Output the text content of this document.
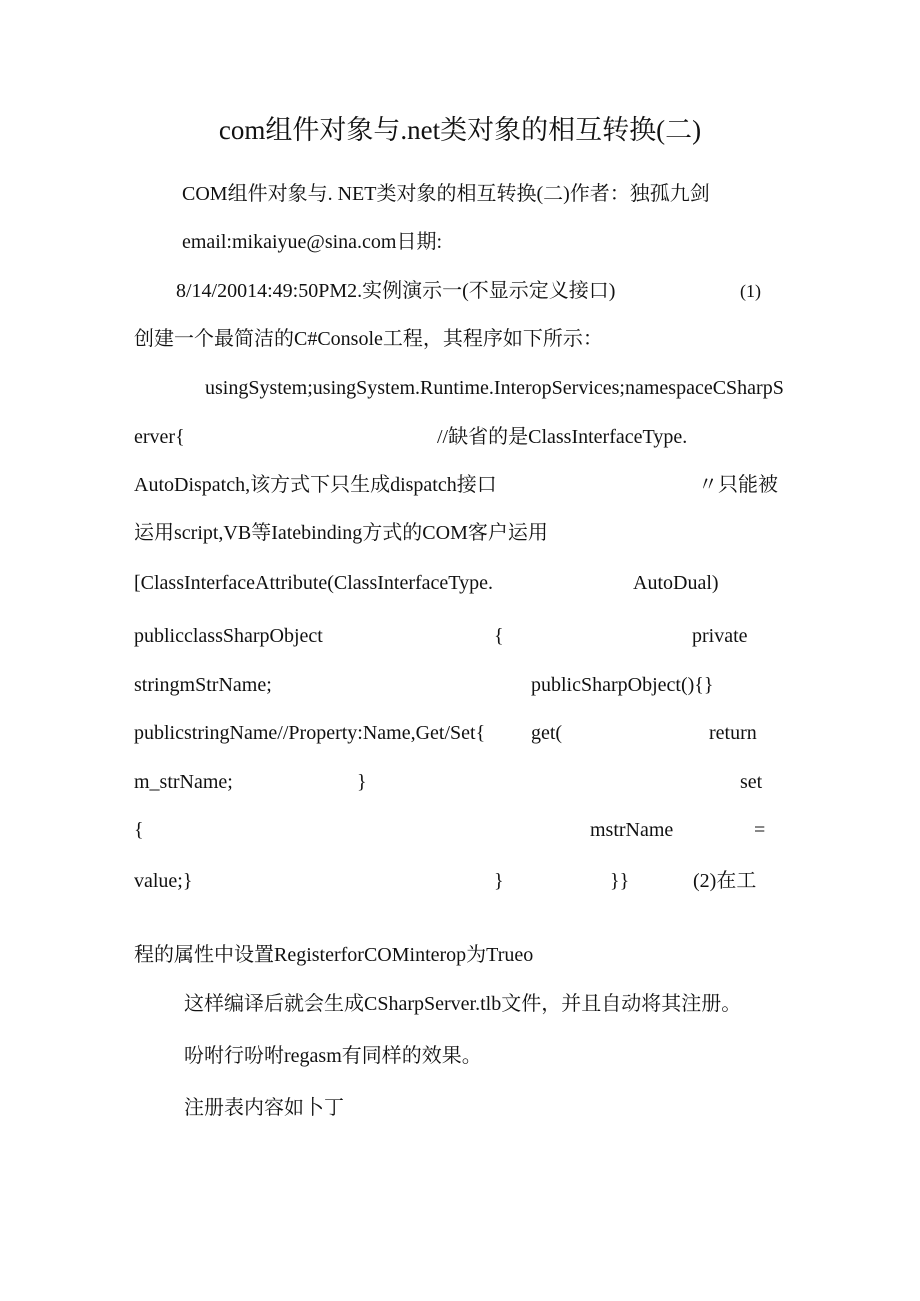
com组件对象与.net类对象的相互转换(二)
COM组件对象与. NET类对象的相互转换(二)作者：独孤九剑
email:mikaiyue@sina.com日期:
8/14/20014:49:50PM2.实例演示一(不显示定义接口)	(1)
创建一个最简洁的C#Console工程，其程序如下所示：
usingSystem;usingSystem.Runtime.InteropServices;namespaceCSharpS
erver{	//缺省的是ClassInterfaceType.
AutoDispatch,该方式下只生成dispatch接口	〃只能被
运用script,VB等Iatebinding方式的COM客户运用
[ClassInterfaceAttribute(ClassInterfaceType.	AutoDual)
publicclassSharpObject	{	private
stringmStrName;	publicSharpObject(){}
publicstringName//Property:Name,Get/Set{ get(	return
m_strName;	}	set
{	mstrName	=
value;}	}	}}	(2)在工
程的属性中设置RegisterforCOMinterop为Trueo
这样编译后就会生成CSharpServer.tlb文件，并且自动将其注册。
吩咐行吩咐regasm有同样的效果。
注册表内容如卜丁
